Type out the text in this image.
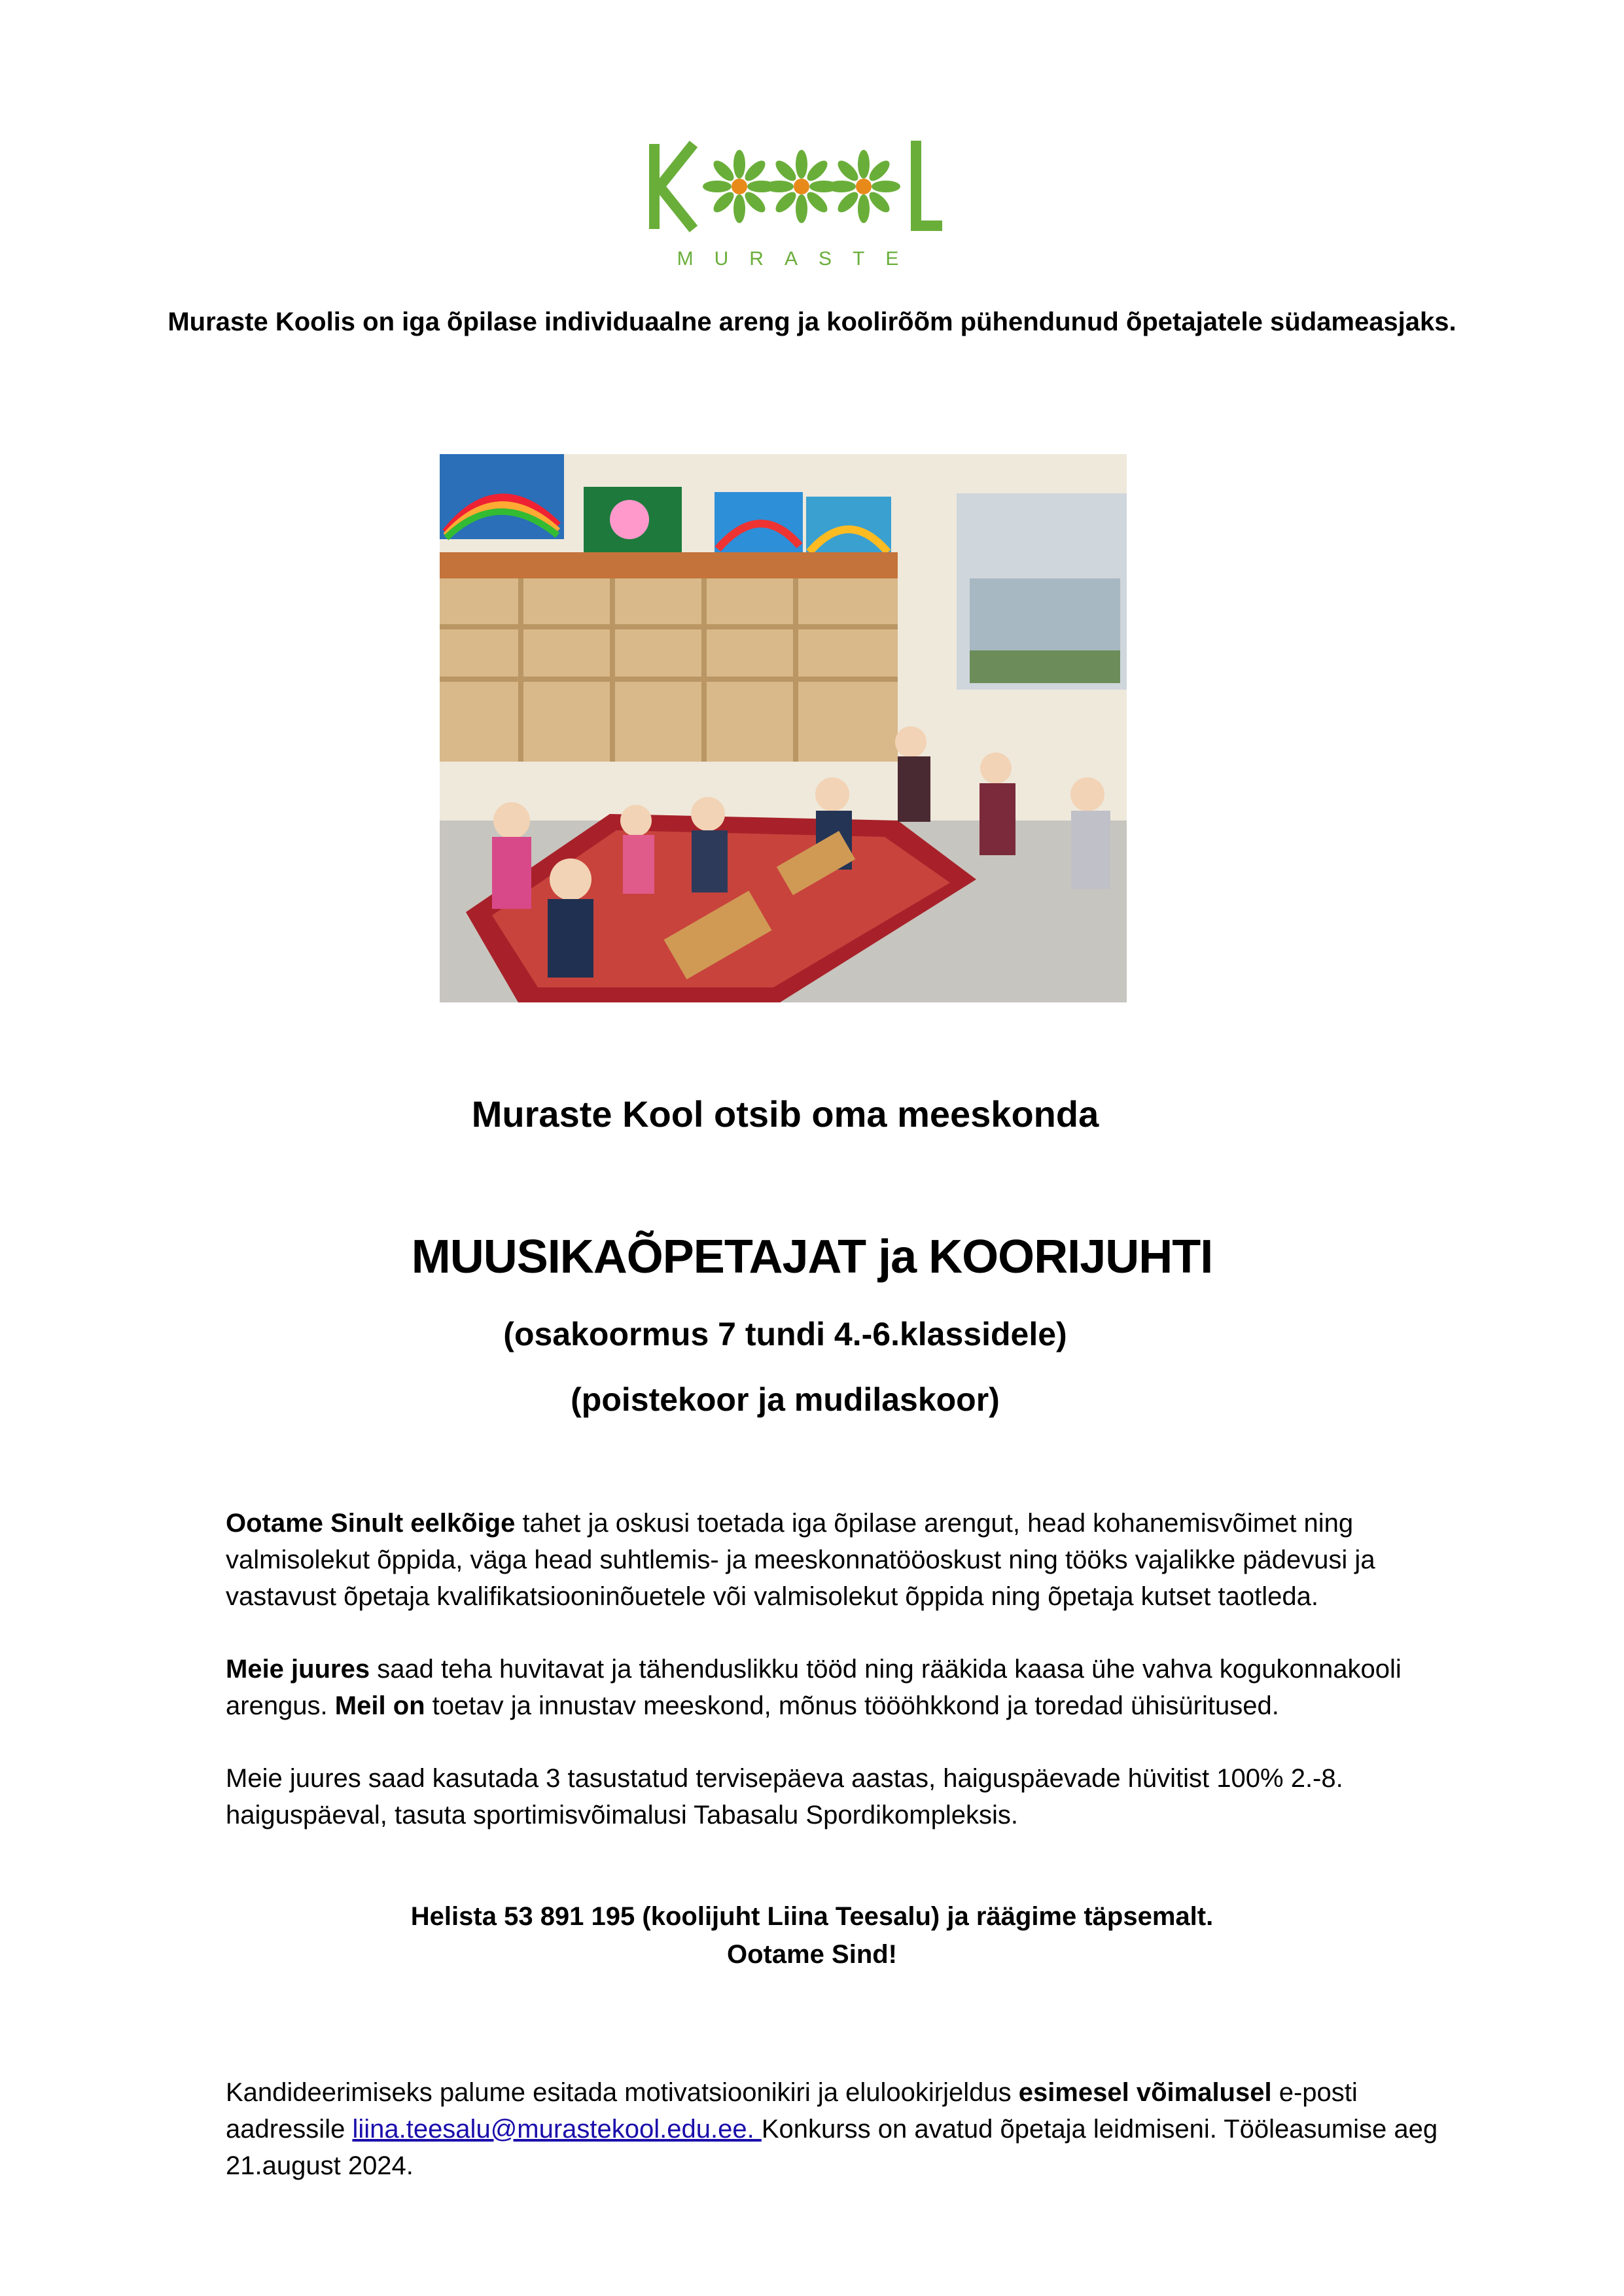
MURASTE
Muraste Koolis on iga õpilase individuaalne areng ja koolirõõm pühendunud õpetajatele südameasjaks.
Muraste Kool otsib oma meeskonda
MUUSIKAÕPETAJAT ja KOORIJUHTI
(osakoormus 7 tundi 4.-6.klassidele)
(poistekoor ja mudilaskoor)
Ootame Sinult eelkõige tahet ja oskusi toetada iga õpilase arengut, head kohanemisvõimet ning valmisolekut õppida, väga head suhtlemis- ja meeskonnatööoskust ning tööks vajalikke pädevusi ja vastavust õpetaja kvalifikatsiooninõuetele või valmisolekut õppida ning õpetaja kutset taotleda.
Meie juures saad teha huvitavat ja tähenduslikku tööd ning rääkida kaasa ühe vahva kogukonnakooli arengus. Meil on toetav ja innustav meeskond, mõnus töööhkkond ja toredad ühisüritused.
Meie juures saad kasutada 3 tasustatud tervisepäeva aastas, haiguspäevade hüvitist 100% 2.-8. haiguspäeval, tasuta sportimisvõimalusi Tabasalu Spordikompleksis.
Helista 53 891 195 (koolijuht Liina Teesalu) ja räägime täpsemalt.
Ootame Sind!
Kandideerimiseks palume esitada motivatsioonikiri ja elulookirjeldus esimesel võimalusel e-posti aadressile liina.teesalu@murastekool.edu.ee. Konkurss on avatud õpetaja leidmiseni. Tööleasumise aeg 21.august 2024.
